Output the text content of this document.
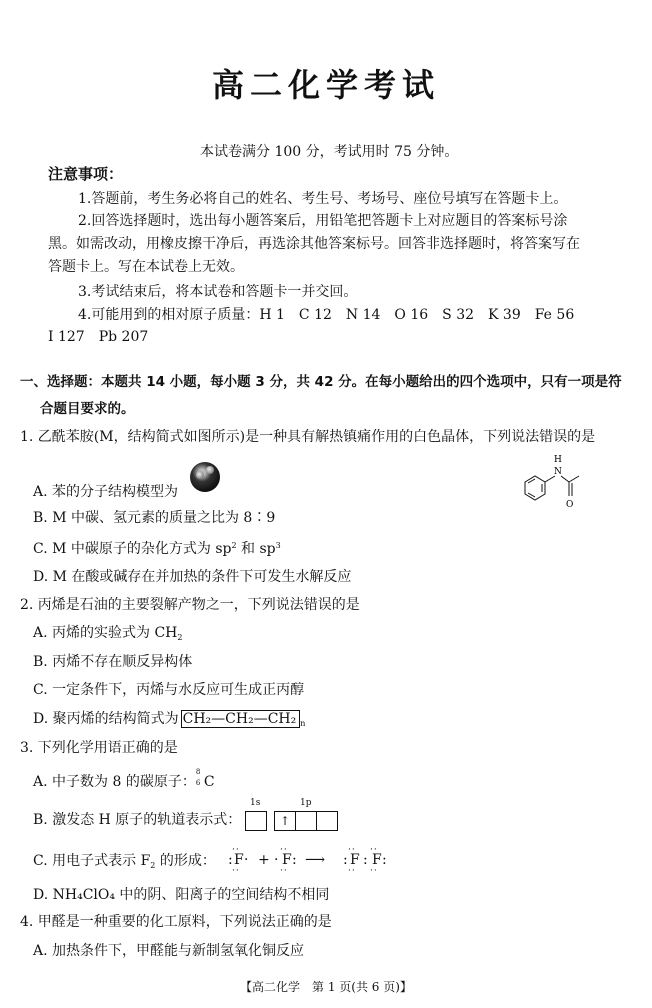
高二化学考试
本试卷满分 100 分，考试用时 75 分钟。
注意事项：
1.答题前，考生务必将自己的姓名、考生号、考场号、座位号填写在答题卡上。
2.回答选择题时，选出每小题答案后，用铅笔把答题卡上对应题目的答案标号涂
黑。如需改动，用橡皮擦干净后，再选涂其他答案标号。回答非选择题时，将答案写在
答题卡上。写在本试卷上无效。
3.考试结束后，将本试卷和答题卡一并交回。
4.可能用到的相对原子质量：H 1　C 12　N 14　O 16　S 32　K 39　Fe 56
I 127　Pb 207
一、选择题：本题共 14 小题，每小题 3 分，共 42 分。在每小题给出的四个选项中，只有一项是符
合题目要求的。
1. 乙酰苯胺(M，结构简式如图所示)是一种具有解热镇痛作用的白色晶体，下列说法错误的是
N
H
O
A. 苯的分子结构模型为
B. M 中碳、氢元素的质量之比为 8∶9
C. M 中碳原子的杂化方式为 $sp^2$ 和 $sp^3$
D. M 在酸或碱存在并加热的条件下可发生水解反应
2. 丙烯是石油的主要裂解产物之一，下列说法错误的是
A. 丙烯的实验式为 $CH_2$
B. 丙烯不存在顺反异构体
C. 一定条件下，丙烯与水反应可生成正丙醇
D. 聚丙烯的结构简式为 CH₂—CH₂—CH₂ $_n$
3. 下列化学用语正确的是
A. 中子数为 8 的碳原子：
8
6 C
B. 激发态 H 原子的轨道表示式：
1s	1p
↑
C. 用电子式表示 $F_2$ 的形成： : F
··
··
· + · F
··
··
: ⟶ : F
··
··
: F
··
··
:
D. NH₄ClO₄ 中的阴、阳离子的空间结构不相同
4. 甲醛是一种重要的化工原料，下列说法正确的是
A. 加热条件下，甲醛能与新制氢氧化铜反应
【高二化学　第 1 页(共 6 页)】
